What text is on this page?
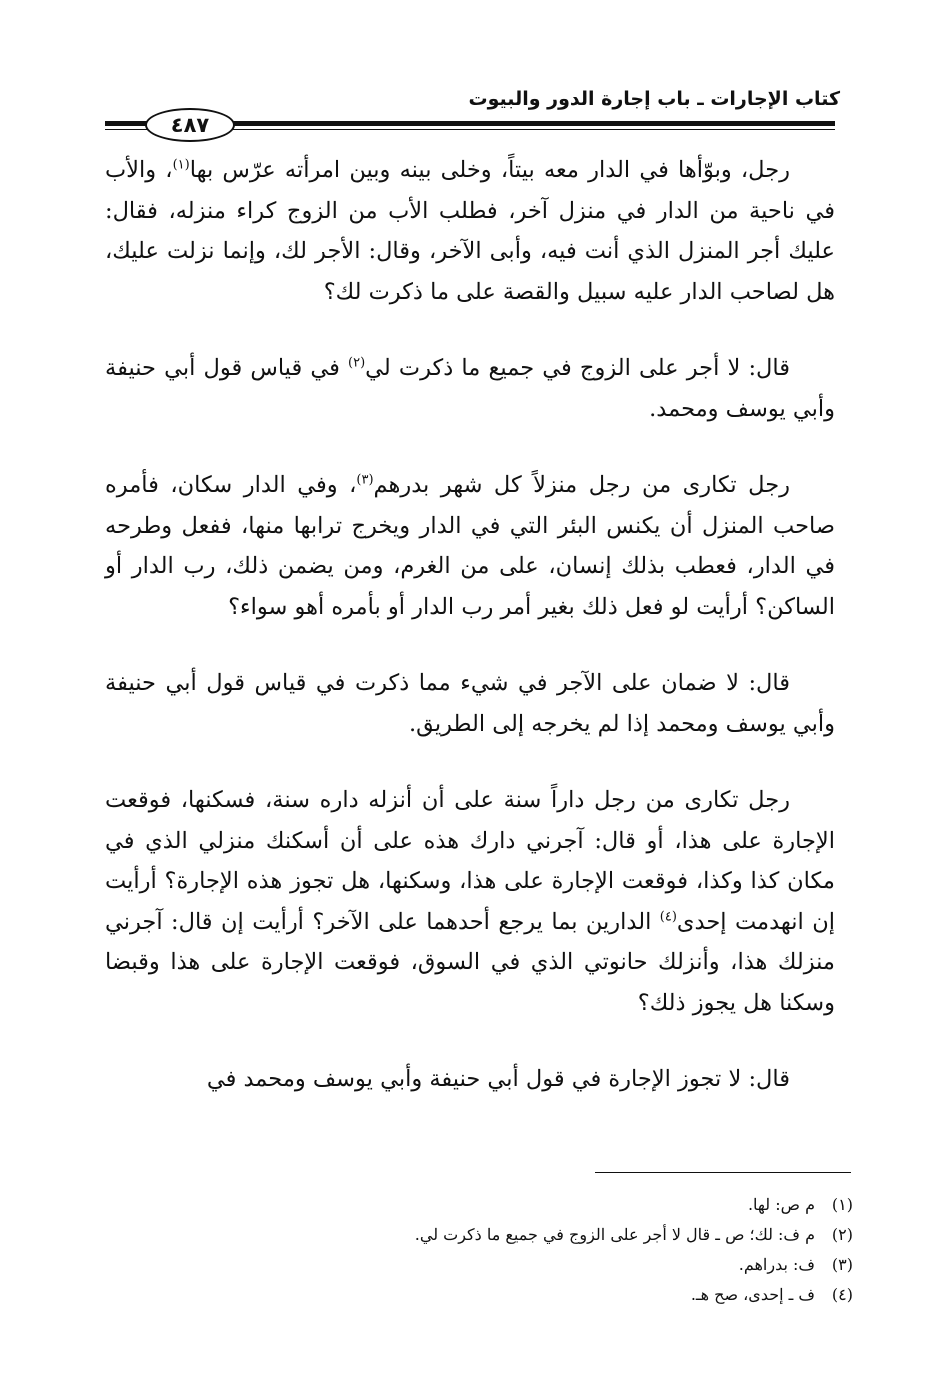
كتاب الإجارات ـ باب إجارة الدور والبيوت
٤٨٧

رجل، وبوّأها في الدار معه بيتاً، وخلى بينه وبين امرأته عرّس بها$^{(١)}$، والأب في ناحية من الدار في منزل آخر، فطلب الأب من الزوج كراء منزله، فقال: عليك أجر المنزل الذي أنت فيه، وأبى الآخر، وقال: الأجر لك، وإنما نزلت عليك، هل لصاحب الدار عليه سبيل والقصة على ما ذكرت لك؟

قال: لا أجر على الزوج في جميع ما ذكرت لي$^{(٢)}$ في قياس قول أبي حنيفة وأبي يوسف ومحمد.

رجل تكارى من رجل منزلاً كل شهر بدرهم$^{(٣)}$، وفي الدار سكان، فأمره صاحب المنزل أن يكنس البئر التي في الدار ويخرج ترابها منها، ففعل وطرحه في الدار، فعطب بذلك إنسان، على من الغرم، ومن يضمن ذلك، رب الدار أو الساكن؟ أرأيت لو فعل ذلك بغير أمر رب الدار أو بأمره أهو سواء؟

قال: لا ضمان على الآجر في شيء مما ذكرت في قياس قول أبي حنيفة وأبي يوسف ومحمد إذا لم يخرجه إلى الطريق.

رجل تكارى من رجل داراً سنة على أن أنزله داره سنة، فسكنها، فوقعت الإجارة على هذا، أو قال: آجرني دارك هذه على أن أسكنك منزلي الذي في مكان كذا وكذا، فوقعت الإجارة على هذا، وسكنها، هل تجوز هذه الإجارة؟ أرأيت إن انهدمت إحدى$^{(٤)}$ الدارين بما يرجع أحدهما على الآخر؟ أرأيت إن قال: آجرني منزلك هذا، وأنزلك حانوتي الذي في السوق، فوقعت الإجارة على هذا وقبضا وسكنا هل يجوز ذلك؟

قال: لا تجوز الإجارة في قول أبي حنيفة وأبي يوسف ومحمد في

(١)م ص: لها.

(٢)م ف: لك؛ ص ـ قال لا أجر على الزوج في جميع ما ذكرت لي.

(٣)ف: بدراهم.

(٤)ف ـ إحدى، صح هـ.
